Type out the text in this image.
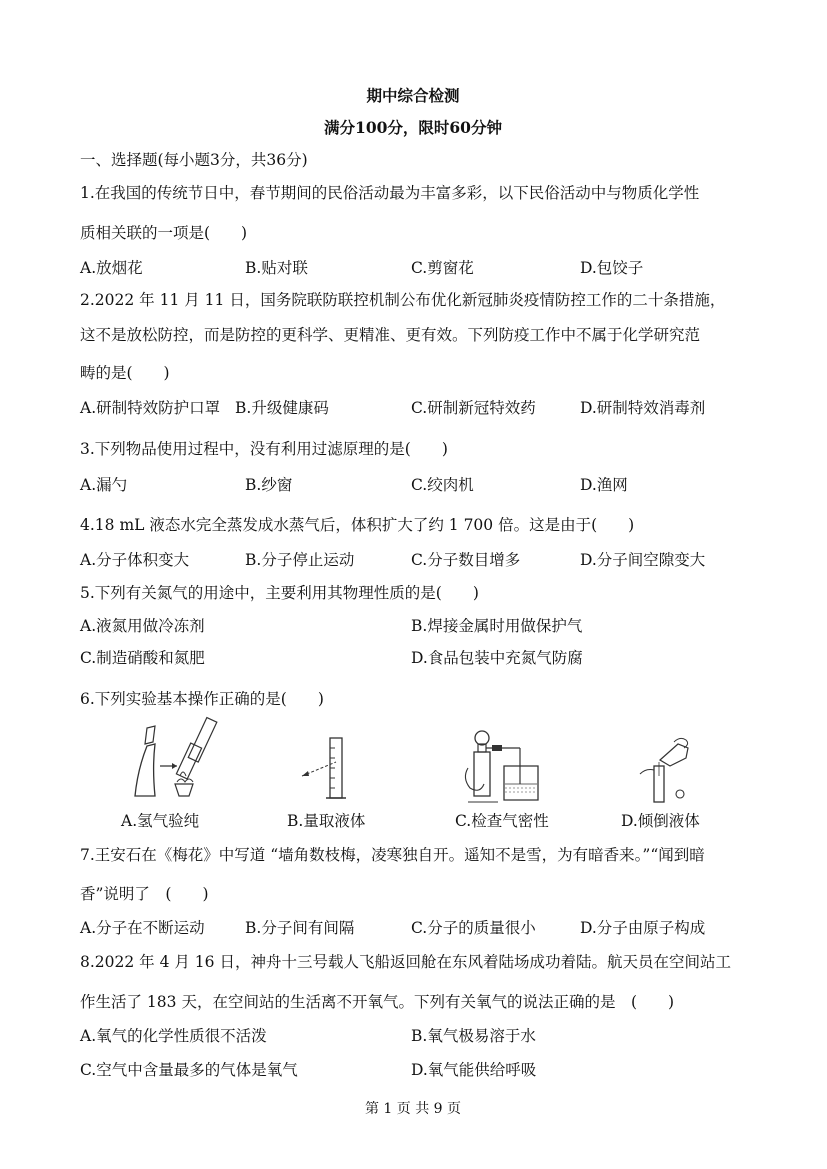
期中综合检测
满分100分，限时60分钟
一、选择题(每小题3分，共36分)
1.在我国的传统节日中，春节期间的民俗活动最为丰富多彩，以下民俗活动中与物质化学性
质相关联的一项是(　　)
A.放烟花	B.贴对联	C.剪窗花	D.包饺子
2.2022 年 11 月 11 日，国务院联防联控机制公布优化新冠肺炎疫情防控工作的二十条措施，
这不是放松防控，而是防控的更科学、更精准、更有效。下列防疫工作中不属于化学研究范
畴的是(　　)
A.研制特效防护口罩 B.升级健康码	C.研制新冠特效药	D.研制特效消毒剂
3.下列物品使用过程中，没有利用过滤原理的是(　　)
A.漏勺	B.纱窗	C.绞肉机	D.渔网
4.18 mL 液态水完全蒸发成水蒸气后，体积扩大了约 1 700 倍。这是由于(　　)
A.分子体积变大	B.分子停止运动	C.分子数目增多	D.分子间空隙变大
5.下列有关氮气的用途中，主要利用其物理性质的是(　　)
A.液氮用做冷冻剂	B.焊接金属时用做保护气
C.制造硝酸和氮肥	D.食品包装中充氮气防腐
6.下列实验基本操作正确的是(　　)
A.氢气验纯	B.量取液体	C.检查气密性	D.倾倒液体
7.王安石在《梅花》中写道 “墙角数枝梅，凌寒独自开。遥知不是雪，为有暗香来。”“闻到暗
香”说明了　(　　)
A.分子在不断运动	B.分子间有间隔	C.分子的质量很小	D.分子由原子构成
8.2022 年 4 月 16 日，神舟十三号载人飞船返回舱在东风着陆场成功着陆。航天员在空间站工
作生活了 183 天，在空间站的生活离不开氧气。下列有关氧气的说法正确的是　(　　)
A.氧气的化学性质很不活泼	B.氧气极易溶于水
C.空气中含量最多的气体是氧气	D.氧气能供给呼吸
第 1 页 共 9 页
